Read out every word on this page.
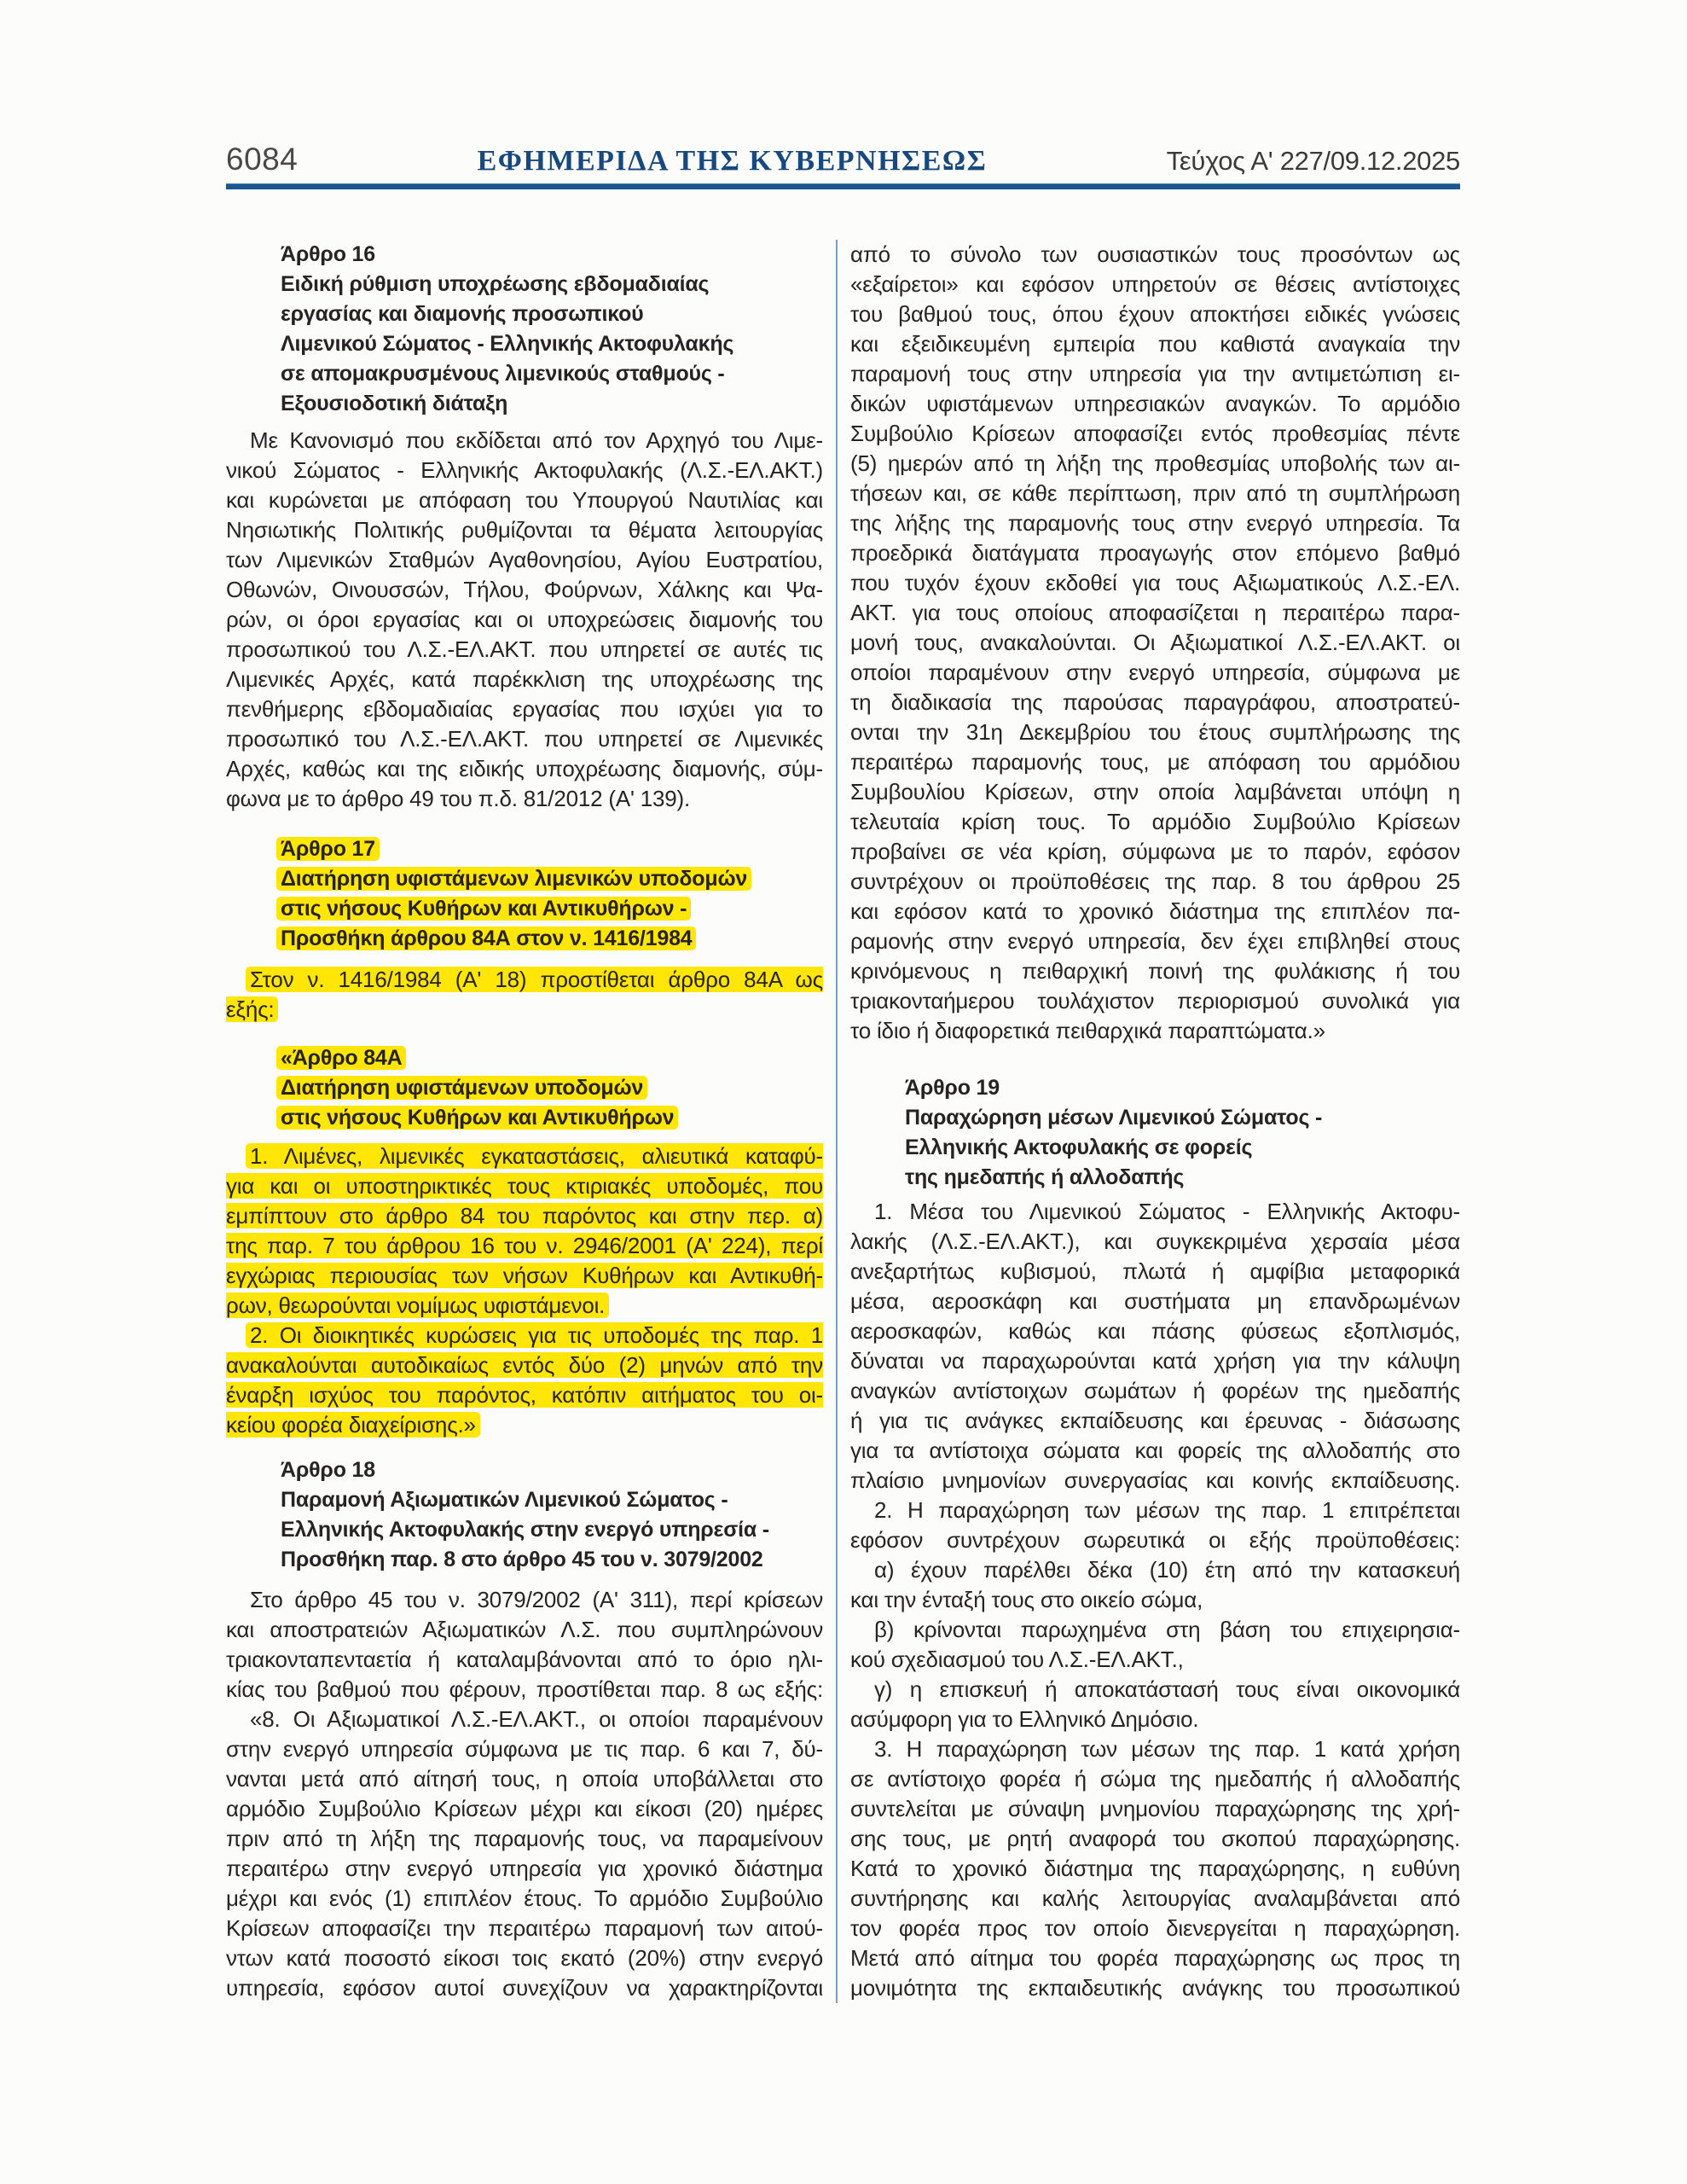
6084	ΕΦΗΜΕΡΙΔΑ ΤΗΣ ΚΥΒΕΡΝΗΣΕΩΣ	Τεύχος Α' 227/09.12.2025
Άρθρο 16
Ειδική ρύθμιση υποχρέωσης εβδομαδιαίας
εργασίας και διαμονής προσωπικού
Λιμενικού Σώματος - Ελληνικής Ακτοφυλακής
σε απομακρυσμένους λιμενικούς σταθμούς -
Εξουσιοδοτική διάταξη
Με Κανονισμό που εκδίδεται από τον Αρχηγό του Λιμε-
νικού Σώματος - Ελληνικής Ακτοφυλακής (Λ.Σ.-ΕΛ.ΑΚΤ.)
και κυρώνεται με απόφαση του Υπουργού Ναυτιλίας και
Νησιωτικής Πολιτικής ρυθμίζονται τα θέματα λειτουργίας
των Λιμενικών Σταθμών Αγαθονησίου, Αγίου Ευστρατίου,
Οθωνών, Οινουσσών, Τήλου, Φούρνων, Χάλκης και Ψα-
ρών, οι όροι εργασίας και οι υποχρεώσεις διαμονής του
προσωπικού του Λ.Σ.-ΕΛ.ΑΚΤ. που υπηρετεί σε αυτές τις
Λιμενικές Αρχές, κατά παρέκκλιση της υποχρέωσης της
πενθήμερης εβδομαδιαίας εργασίας που ισχύει για το
προσωπικό του Λ.Σ.-ΕΛ.ΑΚΤ. που υπηρετεί σε Λιμενικές
Αρχές, καθώς και της ειδικής υποχρέωσης διαμονής, σύμ-
φωνα με το άρθρο 49 του π.δ. 81/2012 (Α' 139).
Άρθρο 17
Διατήρηση υφιστάμενων λιμενικών υποδομών
στις νήσους Κυθήρων και Αντικυθήρων -
Προσθήκη άρθρου 84Α στον ν. 1416/1984
Στον ν. 1416/1984 (Α' 18) προστίθεται άρθρο 84Α ως
εξής:
«Άρθρο 84Α
Διατήρηση υφιστάμενων υποδομών
στις νήσους Κυθήρων και Αντικυθήρων
1. Λιμένες, λιμενικές εγκαταστάσεις, αλιευτικά καταφύ-
για και οι υποστηρικτικές τους κτιριακές υποδομές, που
εμπίπτουν στο άρθρο 84 του παρόντος και στην περ. α)
της παρ. 7 του άρθρου 16 του ν. 2946/2001 (Α' 224), περί
εγχώριας περιουσίας των νήσων Κυθήρων και Αντικυθή-
ρων, θεωρούνται νομίμως υφιστάμενοι.
2. Οι διοικητικές κυρώσεις για τις υποδομές της παρ. 1
ανακαλούνται αυτοδικαίως εντός δύο (2) μηνών από την
έναρξη ισχύος του παρόντος, κατόπιν αιτήματος του οι-
κείου φορέα διαχείρισης.»
Άρθρο 18
Παραμονή Αξιωματικών Λιμενικού Σώματος -
Ελληνικής Ακτοφυλακής στην ενεργό υπηρεσία -
Προσθήκη παρ. 8 στο άρθρο 45 του ν. 3079/2002
Στο άρθρο 45 του ν. 3079/2002 (Α' 311), περί κρίσεων
και αποστρατειών Αξιωματικών Λ.Σ. που συμπληρώνουν
τριακονταπενταετία ή καταλαμβάνονται από το όριο ηλι-
κίας του βαθμού που φέρουν, προστίθεται παρ. 8 ως εξής:
«8. Οι Αξιωματικοί Λ.Σ.-ΕΛ.ΑΚΤ., οι οποίοι παραμένουν
στην ενεργό υπηρεσία σύμφωνα με τις παρ. 6 και 7, δύ-
νανται μετά από αίτησή τους, η οποία υποβάλλεται στο
αρμόδιο Συμβούλιο Κρίσεων μέχρι και είκοσι (20) ημέρες
πριν από τη λήξη της παραμονής τους, να παραμείνουν
περαιτέρω στην ενεργό υπηρεσία για χρονικό διάστημα
μέχρι και ενός (1) επιπλέον έτους. Το αρμόδιο Συμβούλιο
Κρίσεων αποφασίζει την περαιτέρω παραμονή των αιτού-
ντων κατά ποσοστό είκοσι τοις εκατό (20%) στην ενεργό
υπηρεσία, εφόσον αυτοί συνεχίζουν να χαρακτηρίζονται
από το σύνολο των ουσιαστικών τους προσόντων ως
«εξαίρετοι» και εφόσον υπηρετούν σε θέσεις αντίστοιχες
του βαθμού τους, όπου έχουν αποκτήσει ειδικές γνώσεις
και εξειδικευμένη εμπειρία που καθιστά αναγκαία την
παραμονή τους στην υπηρεσία για την αντιμετώπιση ει-
δικών υφιστάμενων υπηρεσιακών αναγκών. Το αρμόδιο
Συμβούλιο Κρίσεων αποφασίζει εντός προθεσμίας πέντε
(5) ημερών από τη λήξη της προθεσμίας υποβολής των αι-
τήσεων και, σε κάθε περίπτωση, πριν από τη συμπλήρωση
της λήξης της παραμονής τους στην ενεργό υπηρεσία. Τα
προεδρικά διατάγματα προαγωγής στον επόμενο βαθμό
που τυχόν έχουν εκδοθεί για τους Αξιωματικούς Λ.Σ.-ΕΛ.
ΑΚΤ. για τους οποίους αποφασίζεται η περαιτέρω παρα-
μονή τους, ανακαλούνται. Οι Αξιωματικοί Λ.Σ.-ΕΛ.ΑΚΤ. οι
οποίοι παραμένουν στην ενεργό υπηρεσία, σύμφωνα με
τη διαδικασία της παρούσας παραγράφου, αποστρατεύ-
ονται την 31η Δεκεμβρίου του έτους συμπλήρωσης της
περαιτέρω παραμονής τους, με απόφαση του αρμόδιου
Συμβουλίου Κρίσεων, στην οποία λαμβάνεται υπόψη η
τελευταία κρίση τους. Το αρμόδιο Συμβούλιο Κρίσεων
προβαίνει σε νέα κρίση, σύμφωνα με το παρόν, εφόσον
συντρέχουν οι προϋποθέσεις της παρ. 8 του άρθρου 25
και εφόσον κατά το χρονικό διάστημα της επιπλέον πα-
ραμονής στην ενεργό υπηρεσία, δεν έχει επιβληθεί στους
κρινόμενους η πειθαρχική ποινή της φυλάκισης ή του
τριακονταήμερου τουλάχιστον περιορισμού συνολικά για
το ίδιο ή διαφορετικά πειθαρχικά παραπτώματα.»
Άρθρο 19
Παραχώρηση μέσων Λιμενικού Σώματος -
Ελληνικής Ακτοφυλακής σε φορείς
της ημεδαπής ή αλλοδαπής
1. Μέσα του Λιμενικού Σώματος - Ελληνικής Ακτοφυ-
λακής (Λ.Σ.-ΕΛ.ΑΚΤ.), και συγκεκριμένα χερσαία μέσα
ανεξαρτήτως κυβισμού, πλωτά ή αμφίβια μεταφορικά
μέσα, αεροσκάφη και συστήματα μη επανδρωμένων
αεροσκαφών, καθώς και πάσης φύσεως εξοπλισμός,
δύναται να παραχωρούνται κατά χρήση για την κάλυψη
αναγκών αντίστοιχων σωμάτων ή φορέων της ημεδαπής
ή για τις ανάγκες εκπαίδευσης και έρευνας - διάσωσης
για τα αντίστοιχα σώματα και φορείς της αλλοδαπής στο
πλαίσιο μνημονίων συνεργασίας και κοινής εκπαίδευσης.
2. Η παραχώρηση των μέσων της παρ. 1 επιτρέπεται
εφόσον συντρέχουν σωρευτικά οι εξής προϋποθέσεις:
α) έχουν παρέλθει δέκα (10) έτη από την κατασκευή
και την ένταξή τους στο οικείο σώμα,
β) κρίνονται παρωχημένα στη βάση του επιχειρησια-
κού σχεδιασμού του Λ.Σ.-ΕΛ.ΑΚΤ.,
γ) η επισκευή ή αποκατάστασή τους είναι οικονομικά
ασύμφορη για το Ελληνικό Δημόσιο.
3. Η παραχώρηση των μέσων της παρ. 1 κατά χρήση
σε αντίστοιχο φορέα ή σώμα της ημεδαπής ή αλλοδαπής
συντελείται με σύναψη μνημονίου παραχώρησης της χρή-
σης τους, με ρητή αναφορά του σκοπού παραχώρησης.
Κατά το χρονικό διάστημα της παραχώρησης, η ευθύνη
συντήρησης και καλής λειτουργίας αναλαμβάνεται από
τον φορέα προς τον οποίο διενεργείται η παραχώρηση.
Μετά από αίτημα του φορέα παραχώρησης ως προς τη
μονιμότητα της εκπαιδευτικής ανάγκης του προσωπικού
